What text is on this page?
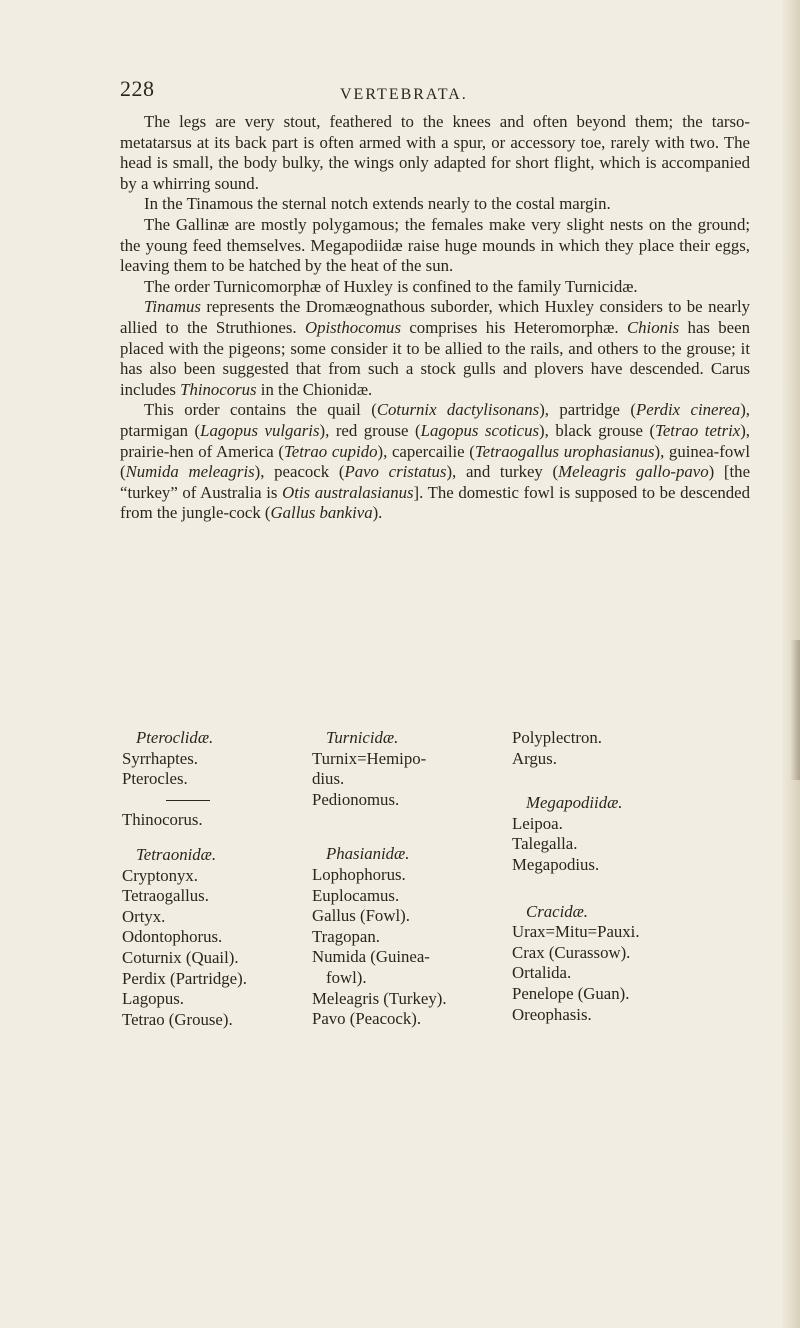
228	VERTEBRATA.

The legs are very stout, feathered to the knees and often beyond them; the tarso-metatarsus at its back part is often armed with a spur, or accessory toe, rarely with two. The head is small, the body bulky, the wings only adapted for short flight, which is accompanied by a whirring sound.

In the Tinamous the sternal notch extends nearly to the costal margin.

The Gallinæ are mostly polygamous; the females make very slight nests on the ground; the young feed themselves. Megapodiidæ raise huge mounds in which they place their eggs, leaving them to be hatched by the heat of the sun.

The order Turnicomorphæ of Huxley is confined to the family Turnicidæ.

Tinamus represents the Dromæognathous suborder, which Huxley considers to be nearly allied to the Struthiones. Opisthocomus comprises his Heteromorphæ. Chionis has been placed with the pigeons; some consider it to be allied to the rails, and others to the grouse; it has also been suggested that from such a stock gulls and plovers have descended. Carus includes Thinocorus in the Chionidæ.

This order contains the quail (Coturnix dactylisonans), partridge (Perdix cinerea), ptarmigan (Lagopus vulgaris), red grouse (Lagopus scoticus), black grouse (Tetrao tetrix), prairie-hen of America (Tetrao cupido), capercailie (Tetraogallus urophasianus), guinea-fowl (Numida meleagris), peacock (Pavo cristatus), and turkey (Meleagris gallo-pavo) [the “turkey” of Australia is Otis australasianus]. The domestic fowl is supposed to be descended from the jungle-cock (Gallus bankiva).

Pteroclidæ.
Syrrhaptes.
Pterocles.
Thinocorus.
Tetraonidæ.
Cryptonyx.
Tetraogallus.
Ortyx.
Odontophorus.
Coturnix (Quail).
Perdix (Partridge).
Lagopus.
Tetrao (Grouse).
Turnicidæ.
Turnix=Hemipo-
dius.
Pedionomus.
Phasianidæ.
Lophophorus.
Euplocamus.
Gallus (Fowl).
Tragopan.
Numida (Guinea-
fowl).
Meleagris (Turkey).
Pavo (Peacock).
Polyplectron.
Argus.
Megapodiidæ.
Leipoa.
Talegalla.
Megapodius.
Cracidæ.
Urax=Mitu=Pauxi.
Crax (Curassow).
Ortalida.
Penelope (Guan).
Oreophasis.
